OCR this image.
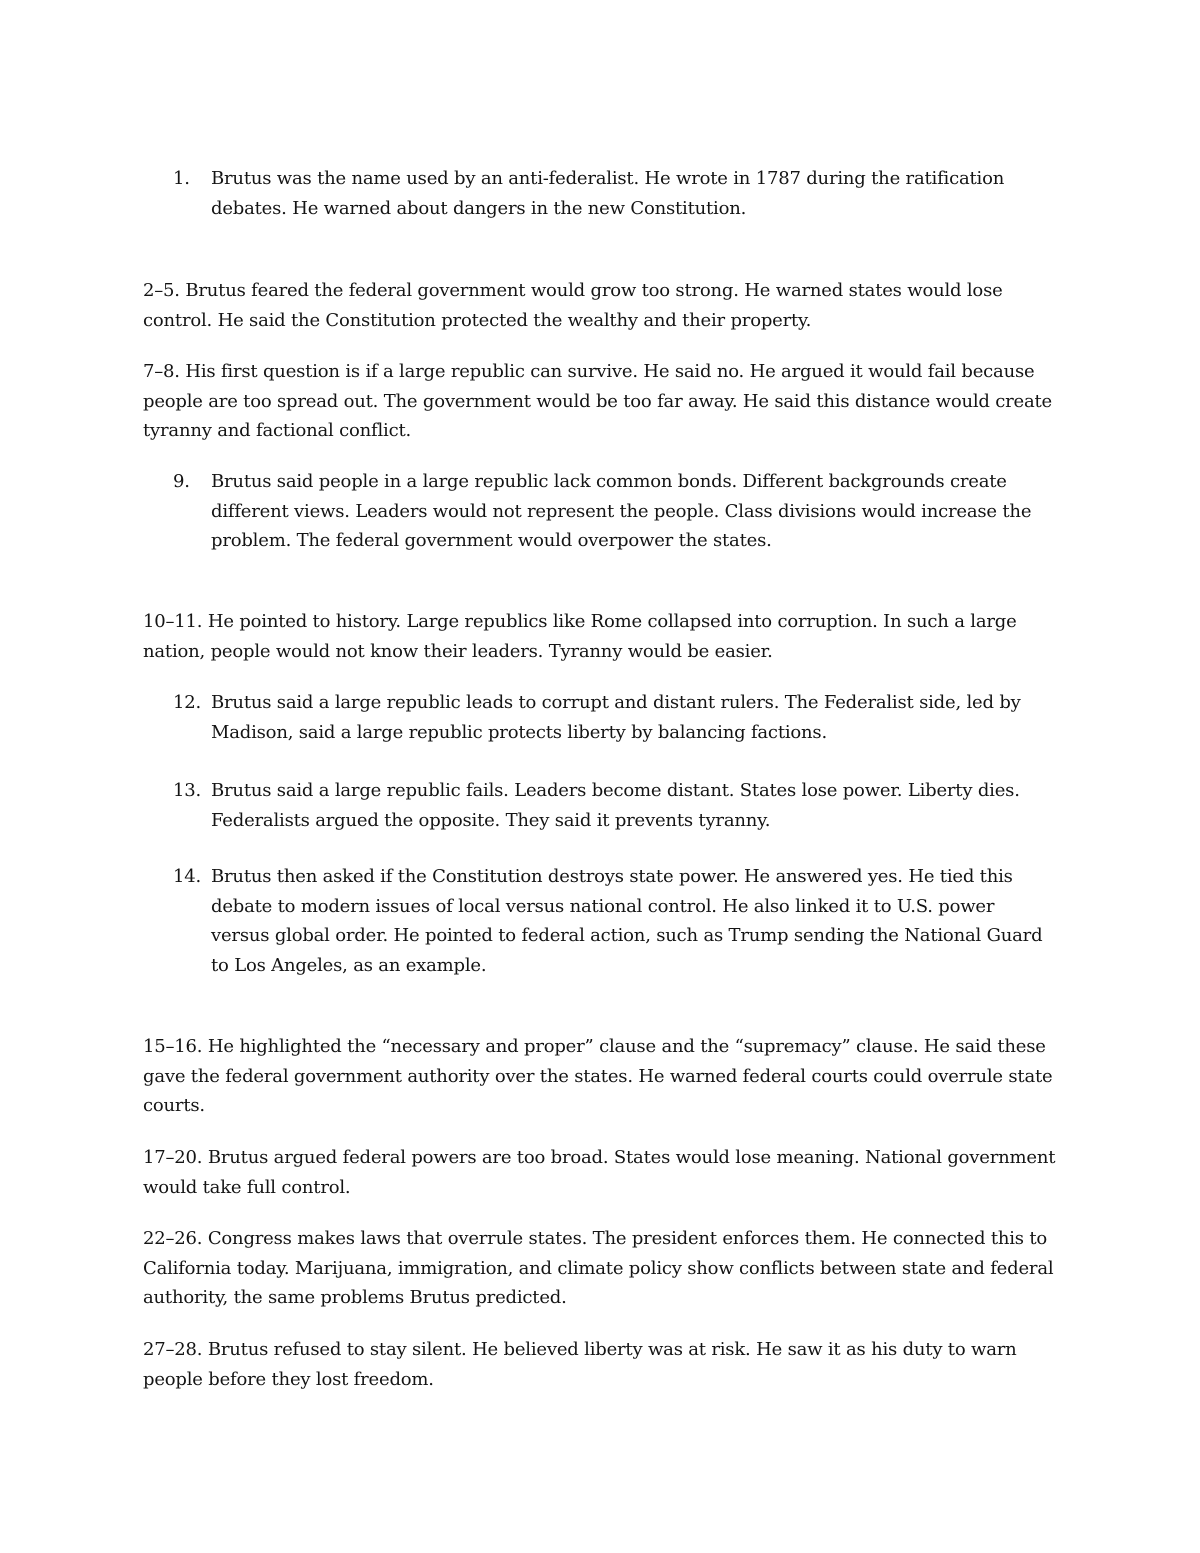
1.	Brutus was the name used by an anti-federalist. He wrote in 1787 during the ratification debates. He warned about dangers in the new Constitution.

2–5. Brutus feared the federal government would grow too strong. He warned states would lose control. He said the Constitution protected the wealthy and their property.

7–8. His first question is if a large republic can survive. He said no. He argued it would fail because people are too spread out. The government would be too far away. He said this distance would create tyranny and factional conflict.

9.	Brutus said people in a large republic lack common bonds. Different backgrounds create different views. Leaders would not represent the people. Class divisions would increase the problem. The federal government would overpower the states.

10–11. He pointed to history. Large republics like Rome collapsed into corruption. In such a large nation, people would not know their leaders. Tyranny would be easier.

12. Brutus said a large republic leads to corrupt and distant rulers. The Federalist side, led by Madison, said a large republic protects liberty by balancing factions.
13. Brutus said a large republic fails. Leaders become distant. States lose power. Liberty dies. Federalists argued the opposite. They said it prevents tyranny.
14. Brutus then asked if the Constitution destroys state power. He answered yes. He tied this debate to modern issues of local versus national control. He also linked it to U.S. power versus global order. He pointed to federal action, such as Trump sending the National Guard to Los Angeles, as an example.

15–16. He highlighted the “necessary and proper” clause and the “supremacy” clause. He said these gave the federal government authority over the states. He warned federal courts could overrule state courts.

17–20. Brutus argued federal powers are too broad. States would lose meaning. National government would take full control.

22–26. Congress makes laws that overrule states. The president enforces them. He connected this to California today. Marijuana, immigration, and climate policy show conflicts between state and federal authority, the same problems Brutus predicted.

27–28. Brutus refused to stay silent. He believed liberty was at risk. He saw it as his duty to warn people before they lost freedom.
